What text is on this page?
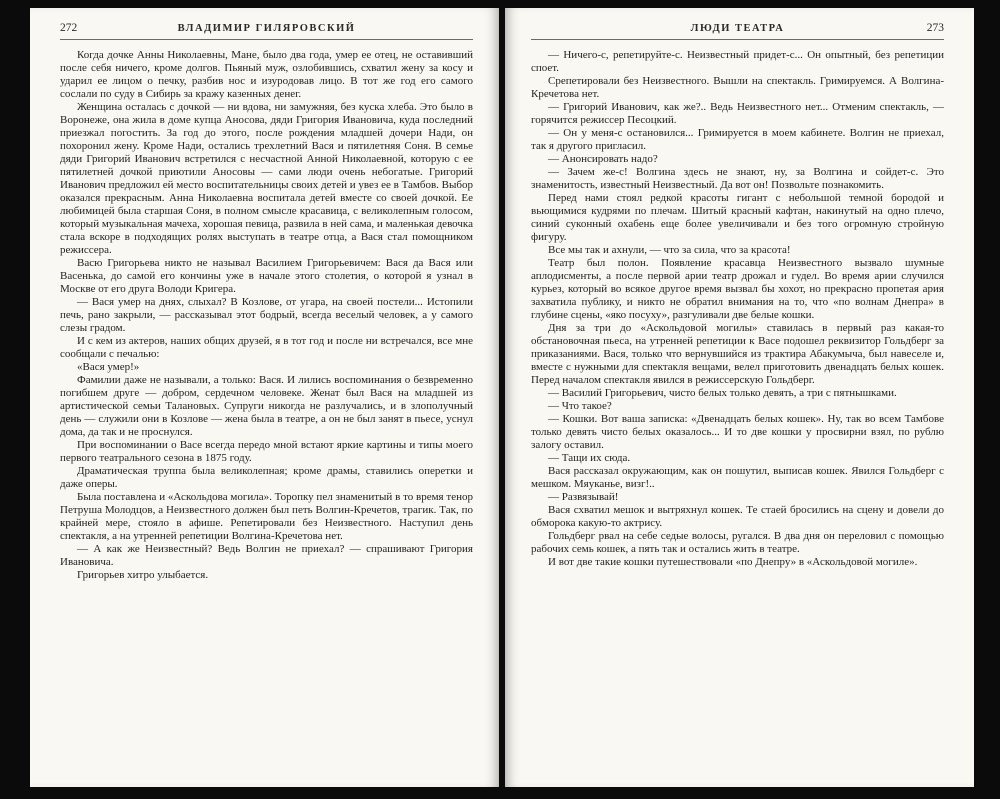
272	ВЛАДИМИР ГИЛЯРОВСКИЙ

Когда дочке Анны Николаевны, Мане, было два года, умер ее отец, не оставивший после себя ничего, кроме долгов. Пьяный муж, озлобившись, схватил жену за косу и ударил ее лицом о печку, разбив нос и изуродовав лицо. В тот же год его самого сослали по суду в Сибирь за кражу казенных денег.

Женщина осталась с дочкой — ни вдова, ни замужняя, без куска хлеба. Это было в Воронеже, она жила в доме купца Аносова, дяди Григория Ивановича, куда последний приезжал погостить. За год до этого, после рождения младшей дочери Нади, он похоронил жену. Кроме Нади, остались трехлетний Вася и пятилетняя Соня. В семье дяди Григорий Иванович встретился с несчастной Анной Николаевной, которую с ее пятилетней дочкой приютили Аносовы — сами люди очень небогатые. Григорий Иванович предложил ей место воспитательницы своих детей и увез ее в Тамбов. Выбор оказался прекрасным. Анна Николаевна воспитала детей вместе со своей дочкой. Ее любимицей была старшая Соня, в полном смысле красавица, с великолепным голосом, который музыкальная мачеха, хорошая певица, развила в ней сама, и маленькая девочка стала вскоре в подходящих ролях выступать в театре отца, а Вася стал помощником режиссера.

Васю Григорьева никто не называл Василием Григорьевичем: Вася да Вася или Васенька, до самой его кончины уже в начале этого столетия, о которой я узнал в Москве от его друга Володи Кригера.

— Вася умер на днях, слыхал? В Козлове, от угара, на своей постели... Истопили печь, рано закрыли, — рассказывал этот бодрый, всегда веселый человек, а у самого слезы градом.

И с кем из актеров, наших общих друзей, я в тот год и после ни встречался, все мне сообщали с печалью:

«Вася умер!»

Фамилии даже не называли, а только: Вася. И лились воспоминания о безвременно погибшем друге — добром, сердечном человеке. Женат был Вася на младшей из артистической семьи Талановых. Супруги никогда не разлучались, и в злополучный день — служили они в Козлове — жена была в театре, а он не был занят в пьесе, уснул дома, да так и не проснулся.

При воспоминании о Васе всегда передо мной встают яркие картины и типы моего первого театрального сезона в 1875 году.

Драматическая труппа была великолепная; кроме драмы, ставились оперетки и даже оперы.

Была поставлена и «Аскольдова могила». Торопку пел знаменитый в то время тенор Петруша Молодцов, а Неизвестного должен был петь Волгин-Кречетов, трагик. Так, по крайней мере, стояло в афише. Репетировали без Неизвестного. Наступил день спектакля, а на утренней репетиции Волгина-Кречетова нет.

— А как же Неизвестный? Ведь Волгин не приехал? — спрашивают Григория Ивановича.

Григорьев хитро улыбается.

ЛЮДИ ТЕАТРА	273

— Ничего-с, репетируйте-с. Неизвестный придет-с... Он опытный, без репетиции споет.

Срепетировали без Неизвестного. Вышли на спектакль. Гримируемся. А Волгина-Кречетова нет.

— Григорий Иванович, как же?.. Ведь Неизвестного нет... Отменим спектакль, — горячится режиссер Песоцкий.

— Он у меня-с остановился... Гримируется в моем кабинете. Волгин не приехал, так я другого пригласил.

— Анонсировать надо?

— Зачем же-с! Волгина здесь не знают, ну, за Волгина и сойдет-с. Это знаменитость, известный Неизвестный. Да вот он! Позвольте познакомить.

Перед нами стоял редкой красоты гигант с небольшой темной бородой и вьющимися кудрями по плечам. Шитый красный кафтан, накинутый на одно плечо, синий суконный охабень еще более увеличивали и без того огромную стройную фигуру.

Все мы так и ахнули, — что за сила, что за красота!

Театр был полон. Появление красавца Неизвестного вызвало шумные аплодисменты, а после первой арии театр дрожал и гудел. Во время арии случился курьез, который во всякое другое время вызвал бы хохот, но прекрасно пропетая ария захватила публику, и никто не обратил внимания на то, что «по волнам Днепра» в глубине сцены, «яко посуху», разгуливали две белые кошки.

Дня за три до «Аскольдовой могилы» ставилась в первый раз какая-то обстановочная пьеса, на утренней репетиции к Васе подошел реквизитор Гольдберг за приказаниями. Вася, только что вернувшийся из трактира Абакумыча, был навеселе и, вместе с нужными для спектакля вещами, велел приготовить двенадцать белых кошек. Перед началом спектакля явился в режиссерскую Гольдберг.

— Василий Григорьевич, чисто белых только девять, а три с пятнышками.

— Что такое?

— Кошки. Вот ваша записка: «Двенадцать белых кошек». Ну, так во всем Тамбове только девять чисто белых оказалось... И то две кошки у просвирни взял, по рублю залогу оставил.

— Тащи их сюда.

Вася рассказал окружающим, как он пошутил, выписав кошек. Явился Гольдберг с мешком. Мяуканье, визг!..

— Развязывай!

Вася схватил мешок и вытряхнул кошек. Те стаей бросились на сцену и довели до обморока какую-то актрису.

Гольдберг рвал на себе седые волосы, ругался. В два дня он переловил с помощью рабочих семь кошек, а пять так и остались жить в театре.

И вот две такие кошки путешествовали «по Днепру» в «Аскольдовой могиле».
